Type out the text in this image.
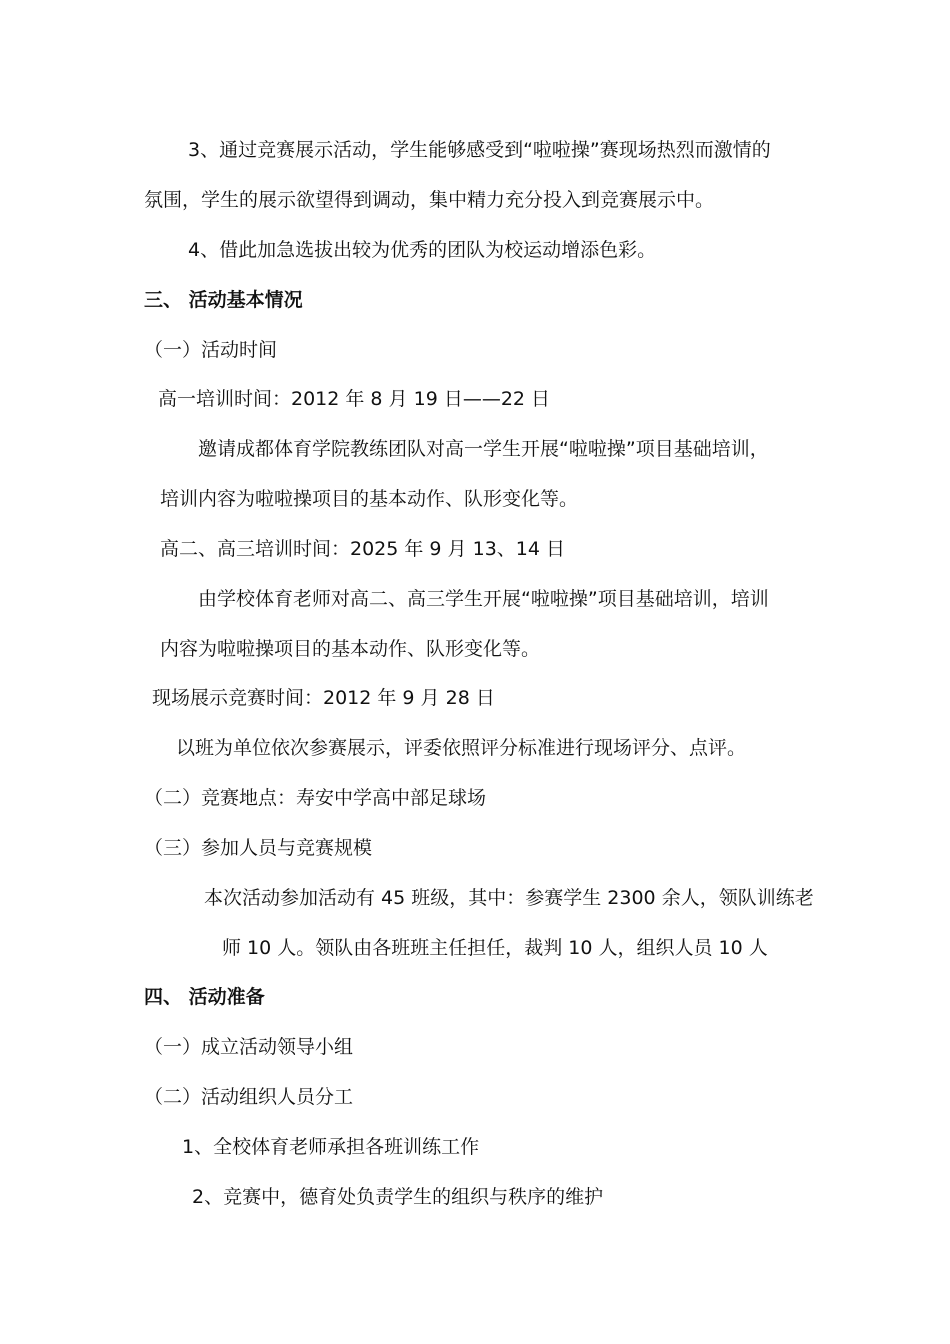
3、通过竞赛展示活动，学生能够感受到“啦啦操”赛现场热烈而激情的
氛围，学生的展示欲望得到调动，集中精力充分投入到竞赛展示中。
4、借此加急选拔出较为优秀的团队为校运动增添色彩。
三、 活动基本情况
（一）活动时间
高一培训时间：2012 年 8 月 19 日——22 日
邀请成都体育学院教练团队对高一学生开展“啦啦操”项目基础培训，
培训内容为啦啦操项目的基本动作、队形变化等。
高二、高三培训时间：2025 年 9 月 13、14 日
由学校体育老师对高二、高三学生开展“啦啦操”项目基础培训，培训
内容为啦啦操项目的基本动作、队形变化等。
现场展示竞赛时间：2012 年 9 月 28 日
以班为单位依次参赛展示，评委依照评分标准进行现场评分、点评。
（二）竞赛地点：寿安中学高中部足球场
（三）参加人员与竞赛规模
本次活动参加活动有 45 班级，其中：参赛学生 2300 余人，领队训练老
师 10 人。领队由各班班主任担任，裁判 10 人，组织人员 10 人
四、 活动准备
（一）成立活动领导小组
（二）活动组织人员分工
1、全校体育老师承担各班训练工作
2、竞赛中，德育处负责学生的组织与秩序的维护
